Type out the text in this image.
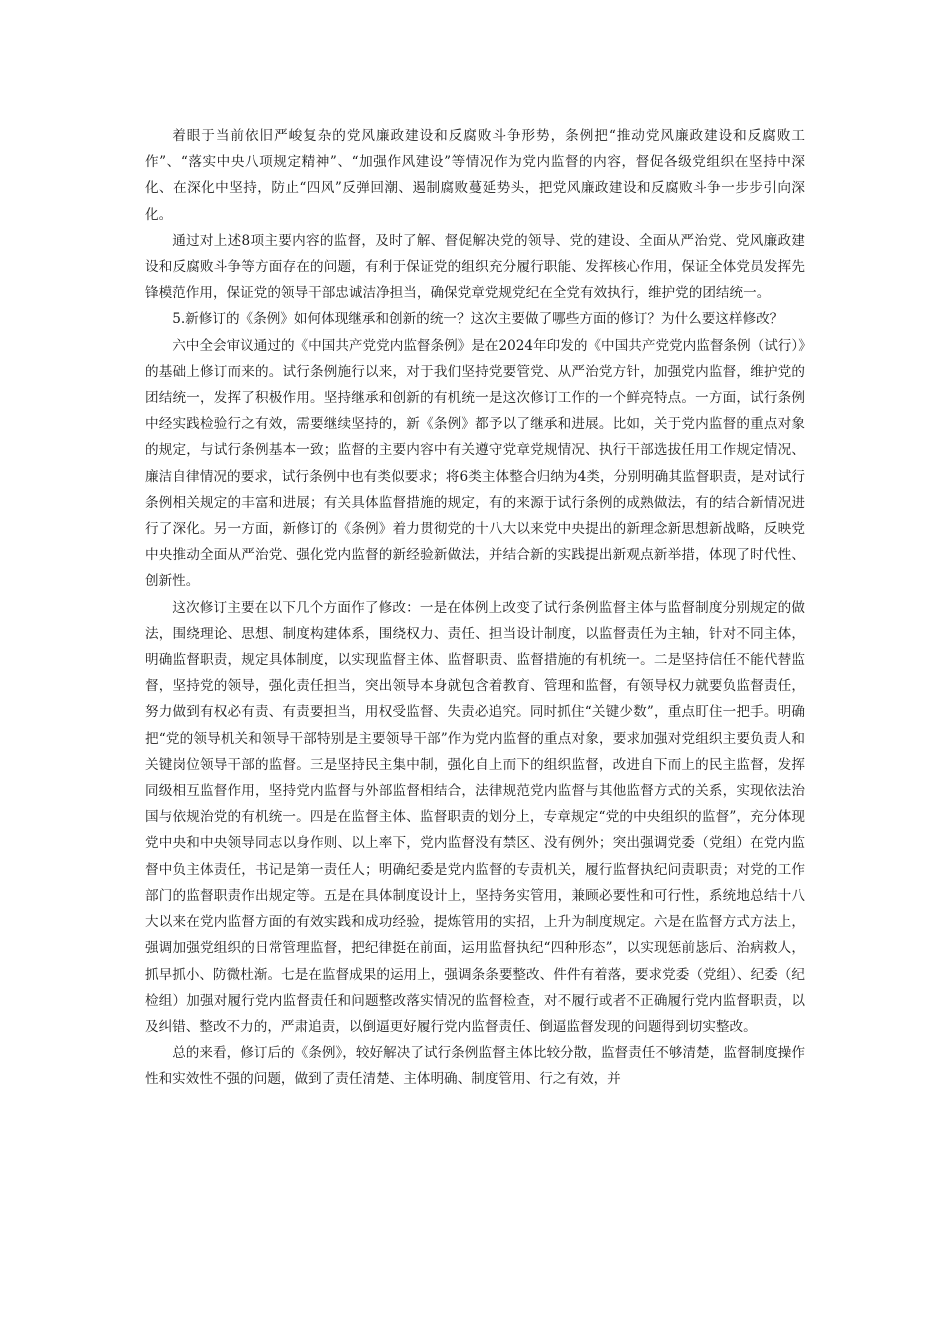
着眼于当前依旧严峻复杂的党风廉政建设和反腐败斗争形势，条例把“推动党风廉政建设和反腐败工作”、“落实中央八项规定精神”、“加强作风建设”等情况作为党内监督的内容，督促各级党组织在坚持中深化、在深化中坚持，防止“四风”反弹回潮、遏制腐败蔓延势头，把党风廉政建设和反腐败斗争一步步引向深化。

通过对上述8项主要内容的监督，及时了解、督促解决党的领导、党的建设、全面从严治党、党风廉政建设和反腐败斗争等方面存在的问题，有利于保证党的组织充分履行职能、发挥核心作用，保证全体党员发挥先锋模范作用，保证党的领导干部忠诚洁净担当，确保党章党规党纪在全党有效执行，维护党的团结统一。

5.新修订的《条例》如何体现继承和创新的统一？这次主要做了哪些方面的修订？为什么要这样修改？

六中全会审议通过的《中国共产党党内监督条例》是在2024年印发的《中国共产党党内监督条例（试行）》的基础上修订而来的。试行条例施行以来，对于我们坚持党要管党、从严治党方针，加强党内监督，维护党的团结统一，发挥了积极作用。坚持继承和创新的有机统一是这次修订工作的一个鲜亮特点。一方面，试行条例中经实践检验行之有效，需要继续坚持的，新《条例》都予以了继承和进展。比如，关于党内监督的重点对象的规定，与试行条例基本一致；监督的主要内容中有关遵守党章党规情况、执行干部选拔任用工作规定情况、廉洁自律情况的要求，试行条例中也有类似要求；将6类主体整合归纳为4类，分别明确其监督职责，是对试行条例相关规定的丰富和进展；有关具体监督措施的规定，有的来源于试行条例的成熟做法，有的结合新情况进行了深化。另一方面，新修订的《条例》着力贯彻党的十八大以来党中央提出的新理念新思想新战略，反映党中央推动全面从严治党、强化党内监督的新经验新做法，并结合新的实践提出新观点新举措，体现了时代性、创新性。

这次修订主要在以下几个方面作了修改：一是在体例上改变了试行条例监督主体与监督制度分别规定的做法，围绕理论、思想、制度构建体系，围绕权力、责任、担当设计制度，以监督责任为主轴，针对不同主体，明确监督职责，规定具体制度，以实现监督主体、监督职责、监督措施的有机统一。二是坚持信任不能代替监督，坚持党的领导，强化责任担当，突出领导本身就包含着教育、管理和监督，有领导权力就要负监督责任，努力做到有权必有责、有责要担当，用权受监督、失责必追究。同时抓住“关键少数”，重点盯住一把手。明确把“党的领导机关和领导干部特别是主要领导干部”作为党内监督的重点对象，要求加强对党组织主要负责人和关键岗位领导干部的监督。三是坚持民主集中制，强化自上而下的组织监督，改进自下而上的民主监督，发挥同级相互监督作用，坚持党内监督与外部监督相结合，法律规范党内监督与其他监督方式的关系，实现依法治国与依规治党的有机统一。四是在监督主体、监督职责的划分上，专章规定“党的中央组织的监督”，充分体现党中央和中央领导同志以身作则、以上率下，党内监督没有禁区、没有例外；突出强调党委（党组）在党内监督中负主体责任，书记是第一责任人；明确纪委是党内监督的专责机关，履行监督执纪问责职责；对党的工作部门的监督职责作出规定等。五是在具体制度设计上，坚持务实管用，兼顾必要性和可行性，系统地总结十八大以来在党内监督方面的有效实践和成功经验，提炼管用的实招，上升为制度规定。六是在监督方式方法上，强调加强党组织的日常管理监督，把纪律挺在前面，运用监督执纪“四种形态”，以实现惩前毖后、治病救人，抓早抓小、防微杜渐。七是在监督成果的运用上，强调条条要整改、件件有着落，要求党委（党组）、纪委（纪检组）加强对履行党内监督责任和问题整改落实情况的监督检查，对不履行或者不正确履行党内监督职责，以及纠错、整改不力的，严肃追责，以倒逼更好履行党内监督责任、倒逼监督发现的问题得到切实整改。

总的来看，修订后的《条例》，较好解决了试行条例监督主体比较分散，监督责任不够清楚，监督制度操作性和实效性不强的问题，做到了责任清楚、主体明确、制度管用、行之有效，并
